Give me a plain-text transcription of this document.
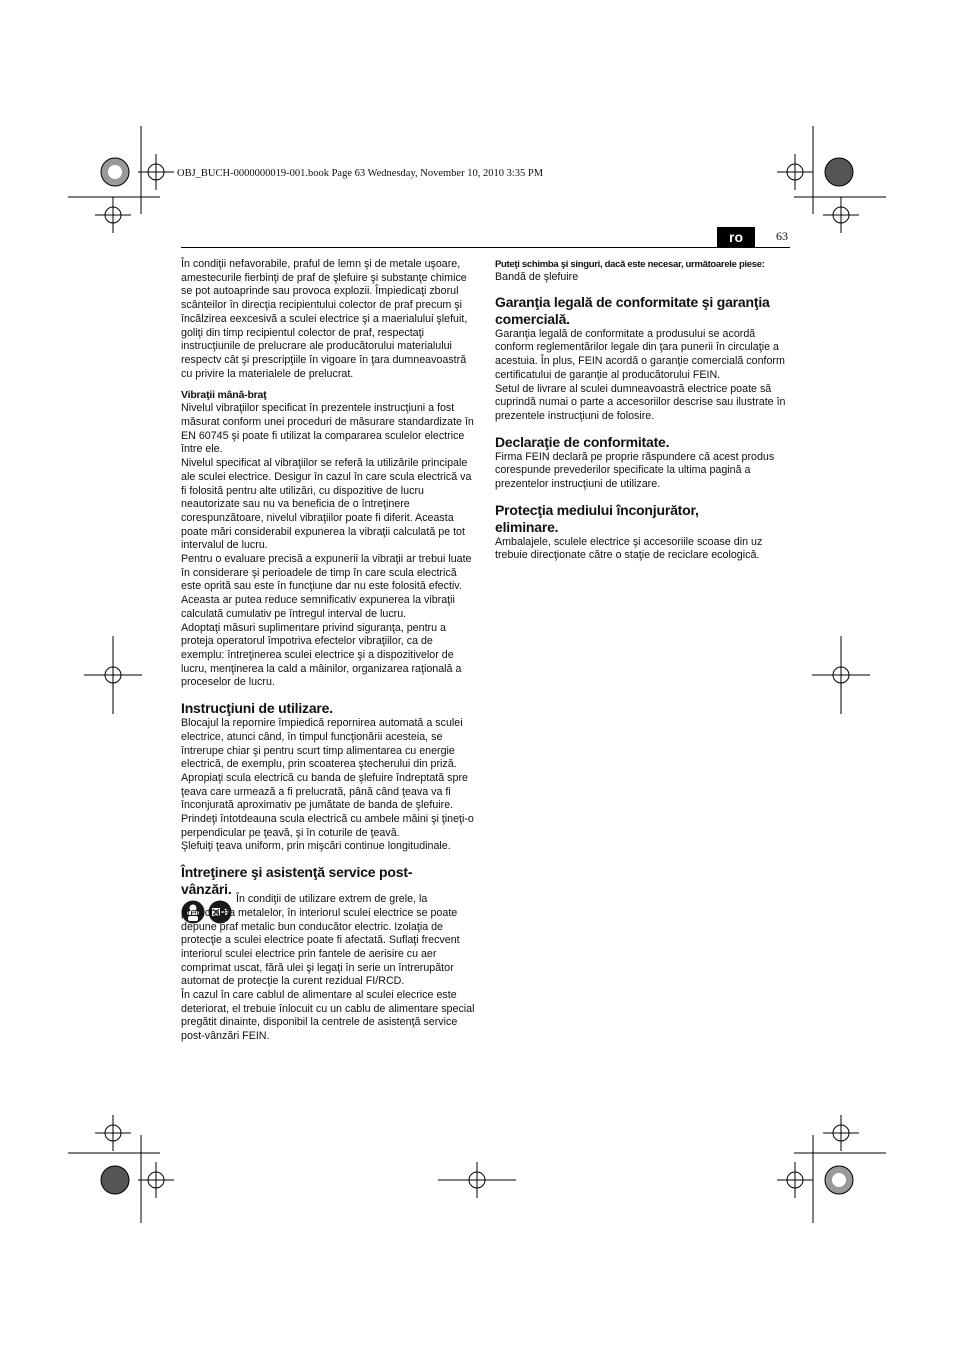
OBJ_BUCH-0000000019-001.book Page 63 Wednesday, November 10, 2010 3:35 PM
ro	63

În condiţii nefavorabile, praful de lemn şi de metale uşoare, amestecurile fierbinţi de praf de şlefuire şi substanţe chimice se pot autoaprinde sau provoca explozii. Împiedicaţi zborul scânteilor în direcţia recipientului colector de praf precum şi încălzirea eexcesivă a sculei electrice şi a maerialului şlefuit, goliţi din timp recipientul colector de praf, respectaţi instrucţiunile de prelucrare ale producătorului materialului respectv cât şi prescripţiile în vigoare în ţara dumneavoastră cu privire la materialele de prelucrat.

Vibraţii mână-braţ

Nivelul vibraţiilor specificat în prezentele instrucţiuni a fost măsurat conform unei proceduri de măsurare standardizate în EN 60745 şi poate fi utilizat la compararea sculelor electrice între ele.

Nivelul specificat al vibraţiilor se referă la utilizările principale ale sculei electrice. Desigur în cazul în care scula electrică va fi folosită pentru alte utilizări, cu dispozitive de lucru neautorizate sau nu va beneficia de o întreţinere corespunzătoare, nivelul vibraţiilor poate fi diferit. Aceasta poate mări considerabil expunerea la vibraţii calculată pe tot intervalul de lucru.

Pentru o evaluare precisă a expunerii la vibraţii ar trebui luate în considerare şi perioadele de timp în care scula electrică este oprită sau este în funcţiune dar nu este folosită efectiv. Aceasta ar putea reduce semnificativ expunerea la vibraţii calculată cumulativ pe întregul interval de lucru.

Adoptaţi măsuri suplimentare privind siguranţa, pentru a proteja operatorul împotriva efectelor vibraţiilor, ca de exemplu: întreţinerea sculei electrice şi a dispozitivelor de lucru, menţinerea la cald a mâinilor, organizarea raţională a proceselor de lucru.

Instrucţiuni de utilizare.

Blocajul la repornire împiedică repornirea automată a sculei electrice, atunci când, în timpul funcţionării acesteia, se întrerupe chiar şi pentru scurt timp alimentarea cu energie electrică, de exemplu, prin scoaterea ştecherului din priză.

Apropiaţi scula electrică cu banda de şlefuire îndreptată spre ţeava care urmează a fi prelucrată, până când ţeava va fi înconjurată aproximativ pe jumătate de banda de şlefuire.

Prindeţi întotdeauna scula electrică cu ambele mâini şi ţineţi-o perpendicular pe ţeavă, şi în coturile de ţeavă.

Şlefuiţi ţeava uniform, prin mişcări continue longitudinale.

Întreţinere şi asistenţă service post-vânzări.

În condiţii de utilizare extrem de grele, la prelucrarea metalelor, în interiorul sculei electrice se poate depune praf metalic bun conducător electric. Izolaţia de protecţie a sculei electrice poate fi afectată. Suflaţi frecvent interiorul sculei electrice prin fantele de aerisire cu aer comprimat uscat, fără ulei şi legaţi în serie un întrerupător automat de protecţie la curent rezidual FI/RCD.

În cazul în care cablul de alimentare al sculei elecrice este deteriorat, el trebuie înlocuit cu un cablu de alimentare special pregătit dinainte, disponibil la centrele de asistenţă service post-vânzări FEIN.

Puteţi schimba şi singuri, dacă este necesar, următoarele piese:

Bandă de şlefuire

Garanţia legală de conformitate şi garanţia comercială.

Garanţia legală de conformitate a produsului se acordă conform reglementărilor legale din ţara punerii în circulaţie a acestuia. În plus, FEIN acordă o garanţie comercială conform certificatului de garanţie al producătorului FEIN.

Setul de livrare al sculei dumneavoastră electrice poate să cuprindă numai o parte a accesoriilor descrise sau ilustrate în prezentele instrucţiuni de folosire.

Declaraţie de conformitate.

Firma FEIN declară pe proprie răspundere că acest produs corespunde prevederilor specificate la ultima pagină a prezentelor instrucţiuni de utilizare.

Protecţia mediului înconjurător, eliminare.

Ambalajele, sculele electrice şi accesoriile scoase din uz trebuie direcţionate către o staţie de reciclare ecologică.
